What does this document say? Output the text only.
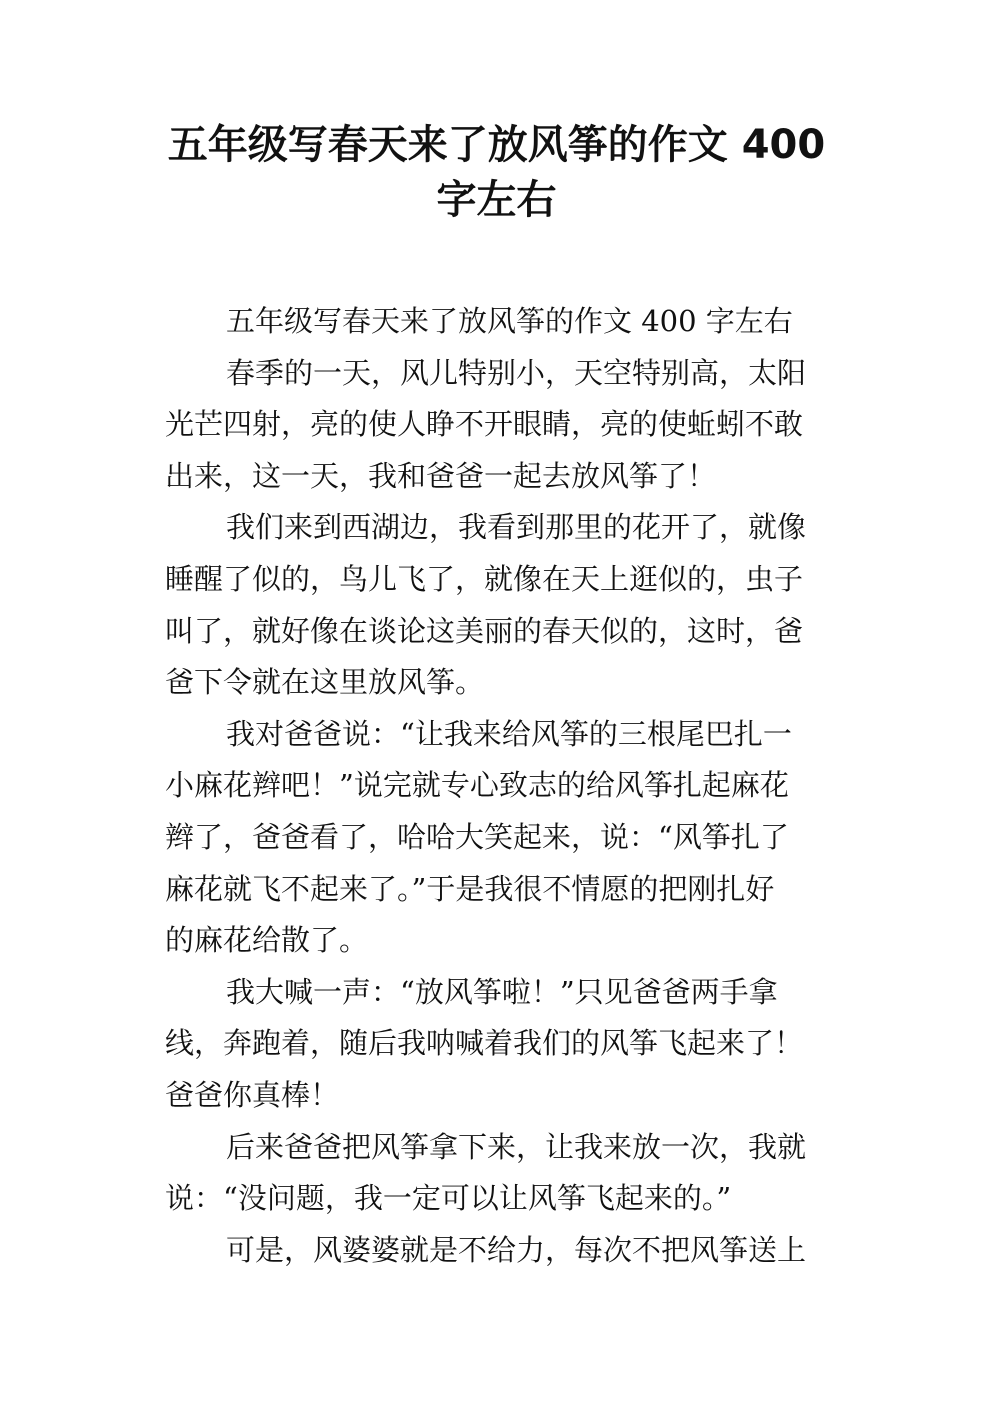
五年级写春天来了放风筝的作文 400
字左右

五年级写春天来了放风筝的作文 400 字左右

春季的一天，风儿特别小，天空特别高，太阳
光芒四射，亮的使人睁不开眼睛，亮的使蚯蚓不敢
出来，这一天，我和爸爸一起去放风筝了！

我们来到西湖边，我看到那里的花开了，就像
睡醒了似的，鸟儿飞了，就像在天上逛似的，虫子
叫了，就好像在谈论这美丽的春天似的，这时，爸
爸下令就在这里放风筝。

我对爸爸说：“让我来给风筝的三根尾巴扎一
小麻花辫吧！”说完就专心致志的给风筝扎起麻花
辫了，爸爸看了，哈哈大笑起来，说：“风筝扎了
麻花就飞不起来了。”于是我很不情愿的把刚扎好
的麻花给散了。

我大喊一声：“放风筝啦！”只见爸爸两手拿
线，奔跑着，随后我呐喊着我们的风筝飞起来了！
爸爸你真棒！

后来爸爸把风筝拿下来，让我来放一次，我就
说：“没问题，我一定可以让风筝飞起来的。”

可是，风婆婆就是不给力，每次不把风筝送上
